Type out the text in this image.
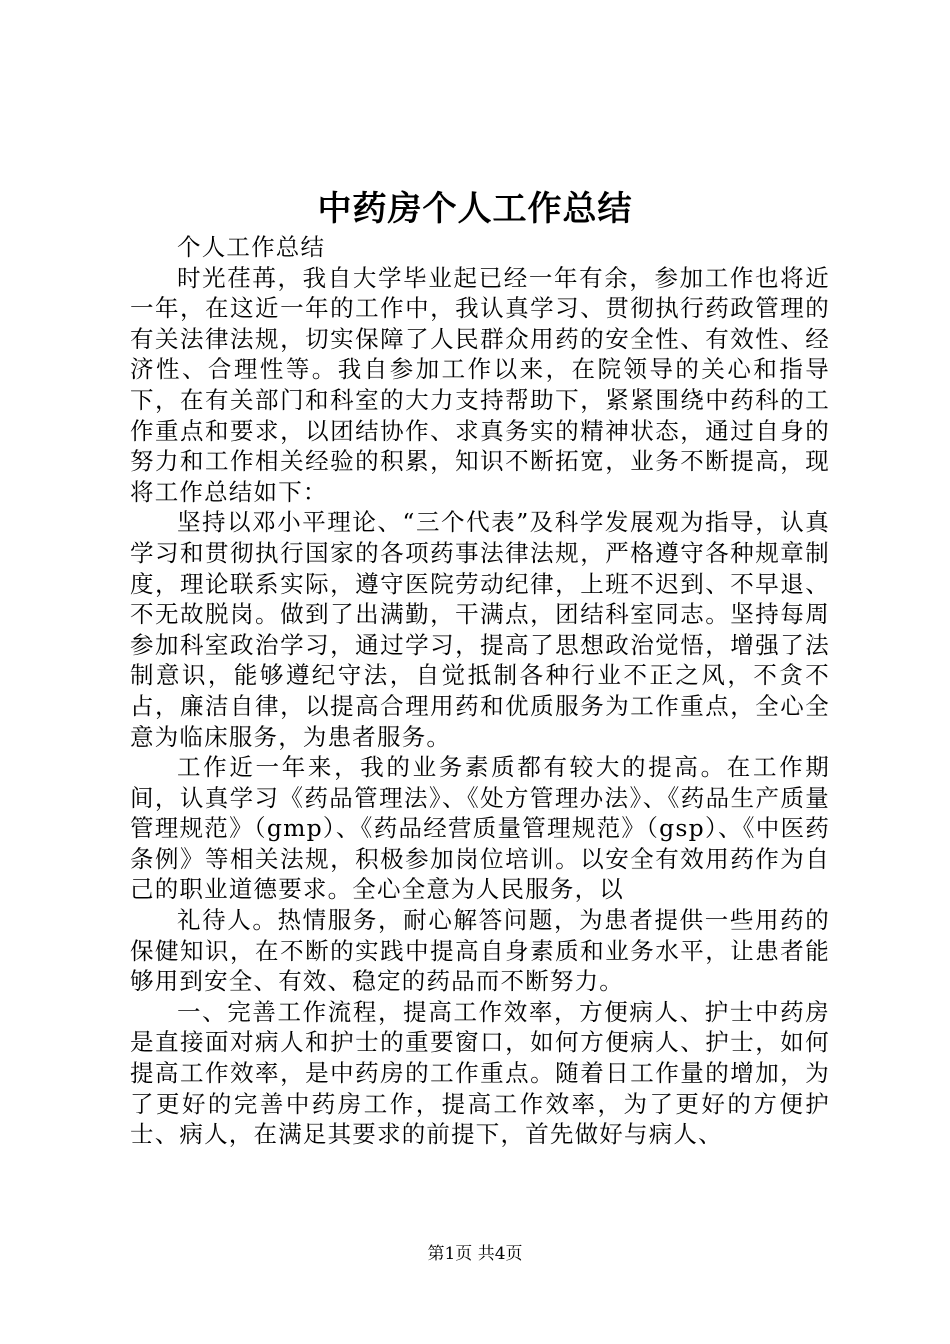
中药房个人工作总结

个人工作总结

时光荏苒，我自大学毕业起已经一年有余，参加工作也将近一年，在这近一年的工作中，我认真学习、贯彻执行药政管理的有关法律法规，切实保障了人民群众用药的安全性、有效性、经济性、合理性等。我自参加工作以来，在院领导的关心和指导下，在有关部门和科室的大力支持帮助下，紧紧围绕中药科的工作重点和要求，以团结协作、求真务实的精神状态，通过自身的努力和工作相关经验的积累，知识不断拓宽，业务不断提高，现将工作总结如下：

坚持以邓小平理论、“三个代表”及科学发展观为指导，认真学习和贯彻执行国家的各项药事法律法规，严格遵守各种规章制度，理论联系实际，遵守医院劳动纪律，上班不迟到、不早退、不无故脱岗。做到了出满勤，干满点，团结科室同志。坚持每周参加科室政治学习，通过学习，提高了思想政治觉悟，增强了法制意识，能够遵纪守法，自觉抵制各种行业不正之风，不贪不占，廉洁自律，以提高合理用药和优质服务为工作重点，全心全意为临床服务，为患者服务。

工作近一年来，我的业务素质都有较大的提高。在工作期间，认真学习《药品管理法》、《处方管理办法》、《药品生产质量管理规范》（gmp）、《药品经营质量管理规范》（gsp）、《中医药条例》等相关法规，积极参加岗位培训。以安全有效用药作为自己的职业道德要求。全心全意为人民服务，以

礼待人。热情服务，耐心解答问题，为患者提供一些用药的保健知识，在不断的实践中提高自身素质和业务水平，让患者能够用到安全、有效、稳定的药品而不断努力。

一、完善工作流程，提高工作效率，方便病人、护士中药房是直接面对病人和护士的重要窗口，如何方便病人、护士，如何提高工作效率，是中药房的工作重点。随着日工作量的增加，为了更好的完善中药房工作，提高工作效率，为了更好的方便护士、病人，在满足其要求的前提下，首先做好与病人、

第1页 共4页
